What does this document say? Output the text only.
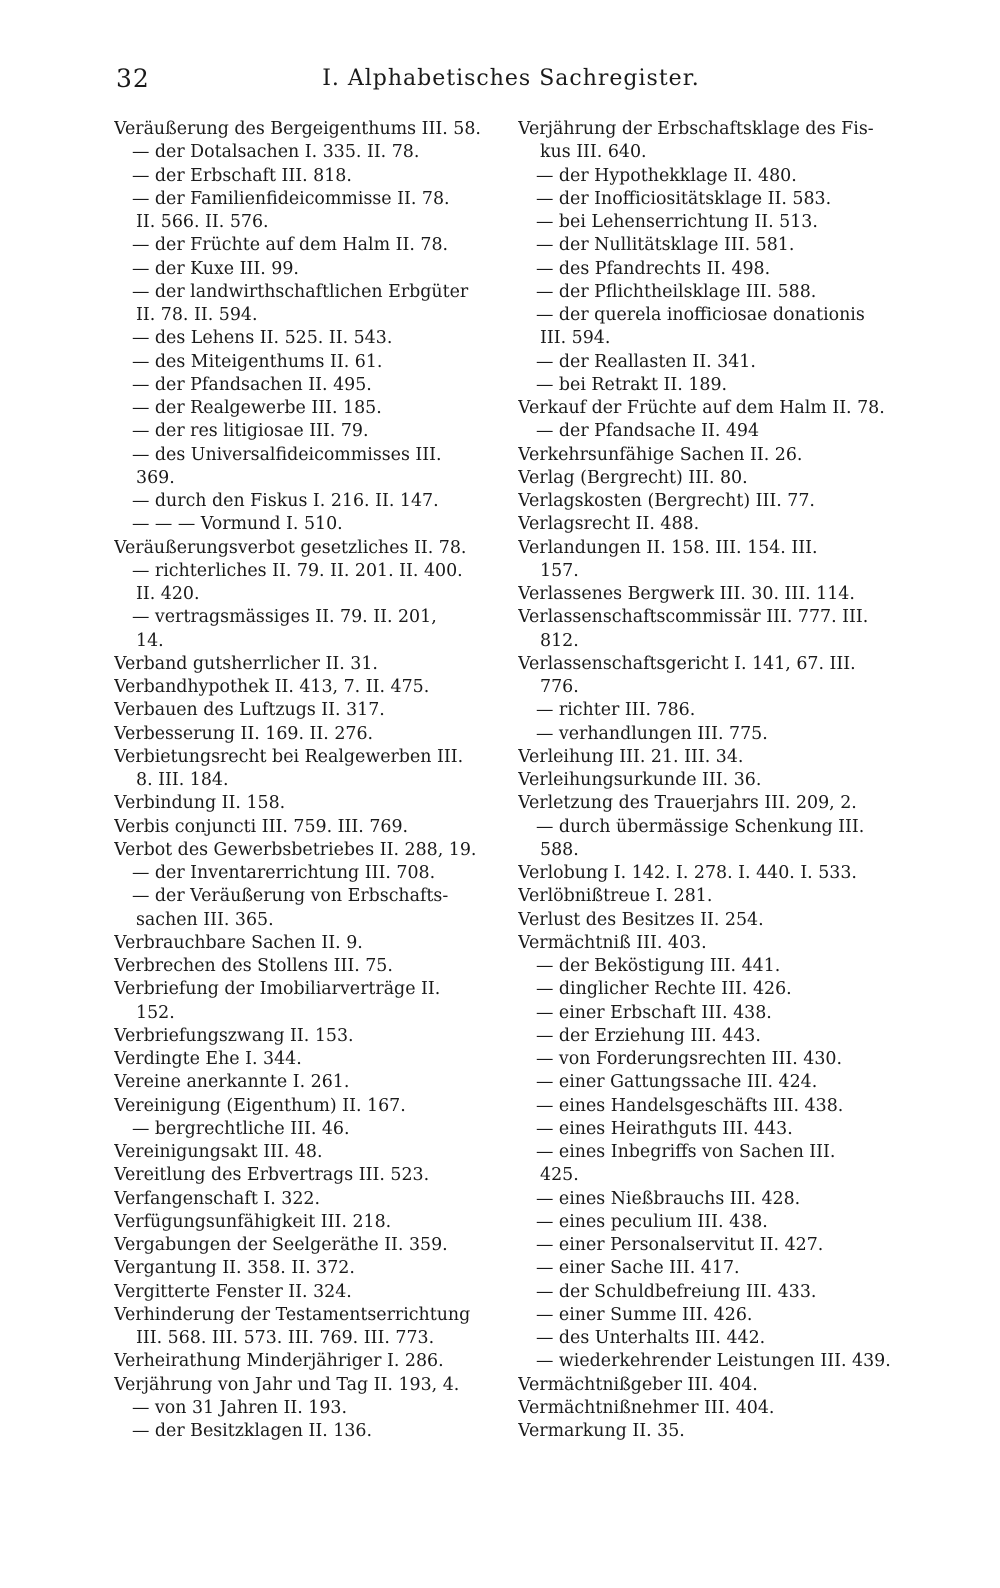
32	I. Alphabetisches Sachregister.
Veräußerung des Bergeigenthums III. 58.
— der Dotalsachen I. 335. II. 78.
— der Erbschaft III. 818.
— der Familienfideicommisse II. 78.
II. 566. II. 576.
— der Früchte auf dem Halm II. 78.
— der Kuxe III. 99.
— der landwirthschaftlichen Erbgüter
II. 78. II. 594.
— des Lehens II. 525. II. 543.
— des Miteigenthums II. 61.
— der Pfandsachen II. 495.
— der Realgewerbe III. 185.
— der res litigiosae III. 79.
— des Universalfideicommisses III.
369.
— durch den Fiskus I. 216. II. 147.
— — — Vormund I. 510.
Veräußerungsverbot gesetzliches II. 78.
— richterliches II. 79. II. 201. II. 400.
II. 420.
— vertragsmässiges II. 79. II. 201,
14.
Verband gutsherrlicher II. 31.
Verbandhypothek II. 413, 7. II. 475.
Verbauen des Luftzugs II. 317.
Verbesserung II. 169. II. 276.
Verbietungsrecht bei Realgewerben III.
8. III. 184.
Verbindung II. 158.
Verbis conjuncti III. 759. III. 769.
Verbot des Gewerbsbetriebes II. 288, 19.
— der Inventarerrichtung III. 708.
— der Veräußerung von Erbschafts-
sachen III. 365.
Verbrauchbare Sachen II. 9.
Verbrechen des Stollens III. 75.
Verbriefung der Imobiliarverträge II.
152.
Verbriefungszwang II. 153.
Verdingte Ehe I. 344.
Vereine anerkannte I. 261.
Vereinigung (Eigenthum) II. 167.
— bergrechtliche III. 46.
Vereinigungsakt III. 48.
Vereitlung des Erbvertrags III. 523.
Verfangenschaft I. 322.
Verfügungsunfähigkeit III. 218.
Vergabungen der Seelgeräthe II. 359.
Vergantung II. 358. II. 372.
Vergitterte Fenster II. 324.
Verhinderung der Testamentserrichtung
III. 568. III. 573. III. 769. III. 773.
Verheirathung Minderjähriger I. 286.
Verjährung von Jahr und Tag II. 193, 4.
— von 31 Jahren II. 193.
— der Besitzklagen II. 136.
Verjährung der Erbschaftsklage des Fis-
kus III. 640.
— der Hypothekklage II. 480.
— der Inofficiositätsklage II. 583.
— bei Lehenserrichtung II. 513.
— der Nullitätsklage III. 581.
— des Pfandrechts II. 498.
— der Pflichtheilsklage III. 588.
— der querela inofficiosae donationis
III. 594.
— der Reallasten II. 341.
— bei Retrakt II. 189.
Verkauf der Früchte auf dem Halm II. 78.
— der Pfandsache II. 494
Verkehrsunfähige Sachen II. 26.
Verlag (Bergrecht) III. 80.
Verlagskosten (Bergrecht) III. 77.
Verlagsrecht II. 488.
Verlandungen II. 158. III. 154. III.
157.
Verlassenes Bergwerk III. 30. III. 114.
Verlassenschaftscommissär III. 777. III.
812.
Verlassenschaftsgericht I. 141, 67. III.
776.
— richter III. 786.
— verhandlungen III. 775.
Verleihung III. 21. III. 34.
Verleihungsurkunde III. 36.
Verletzung des Trauerjahrs III. 209, 2.
— durch übermässige Schenkung III.
588.
Verlobung I. 142. I. 278. I. 440. I. 533.
Verlöbnißtreue I. 281.
Verlust des Besitzes II. 254.
Vermächtniß III. 403.
— der Beköstigung III. 441.
— dinglicher Rechte III. 426.
— einer Erbschaft III. 438.
— der Erziehung III. 443.
— von Forderungsrechten III. 430.
— einer Gattungssache III. 424.
— eines Handelsgeschäfts III. 438.
— eines Heirathguts III. 443.
— eines Inbegriffs von Sachen III.
425.
— eines Nießbrauchs III. 428.
— eines peculium III. 438.
— einer Personalservitut II. 427.
— einer Sache III. 417.
— der Schuldbefreiung III. 433.
— einer Summe III. 426.
— des Unterhalts III. 442.
— wiederkehrender Leistungen III. 439.
Vermächtnißgeber III. 404.
Vermächtnißnehmer III. 404.
Vermarkung II. 35.
